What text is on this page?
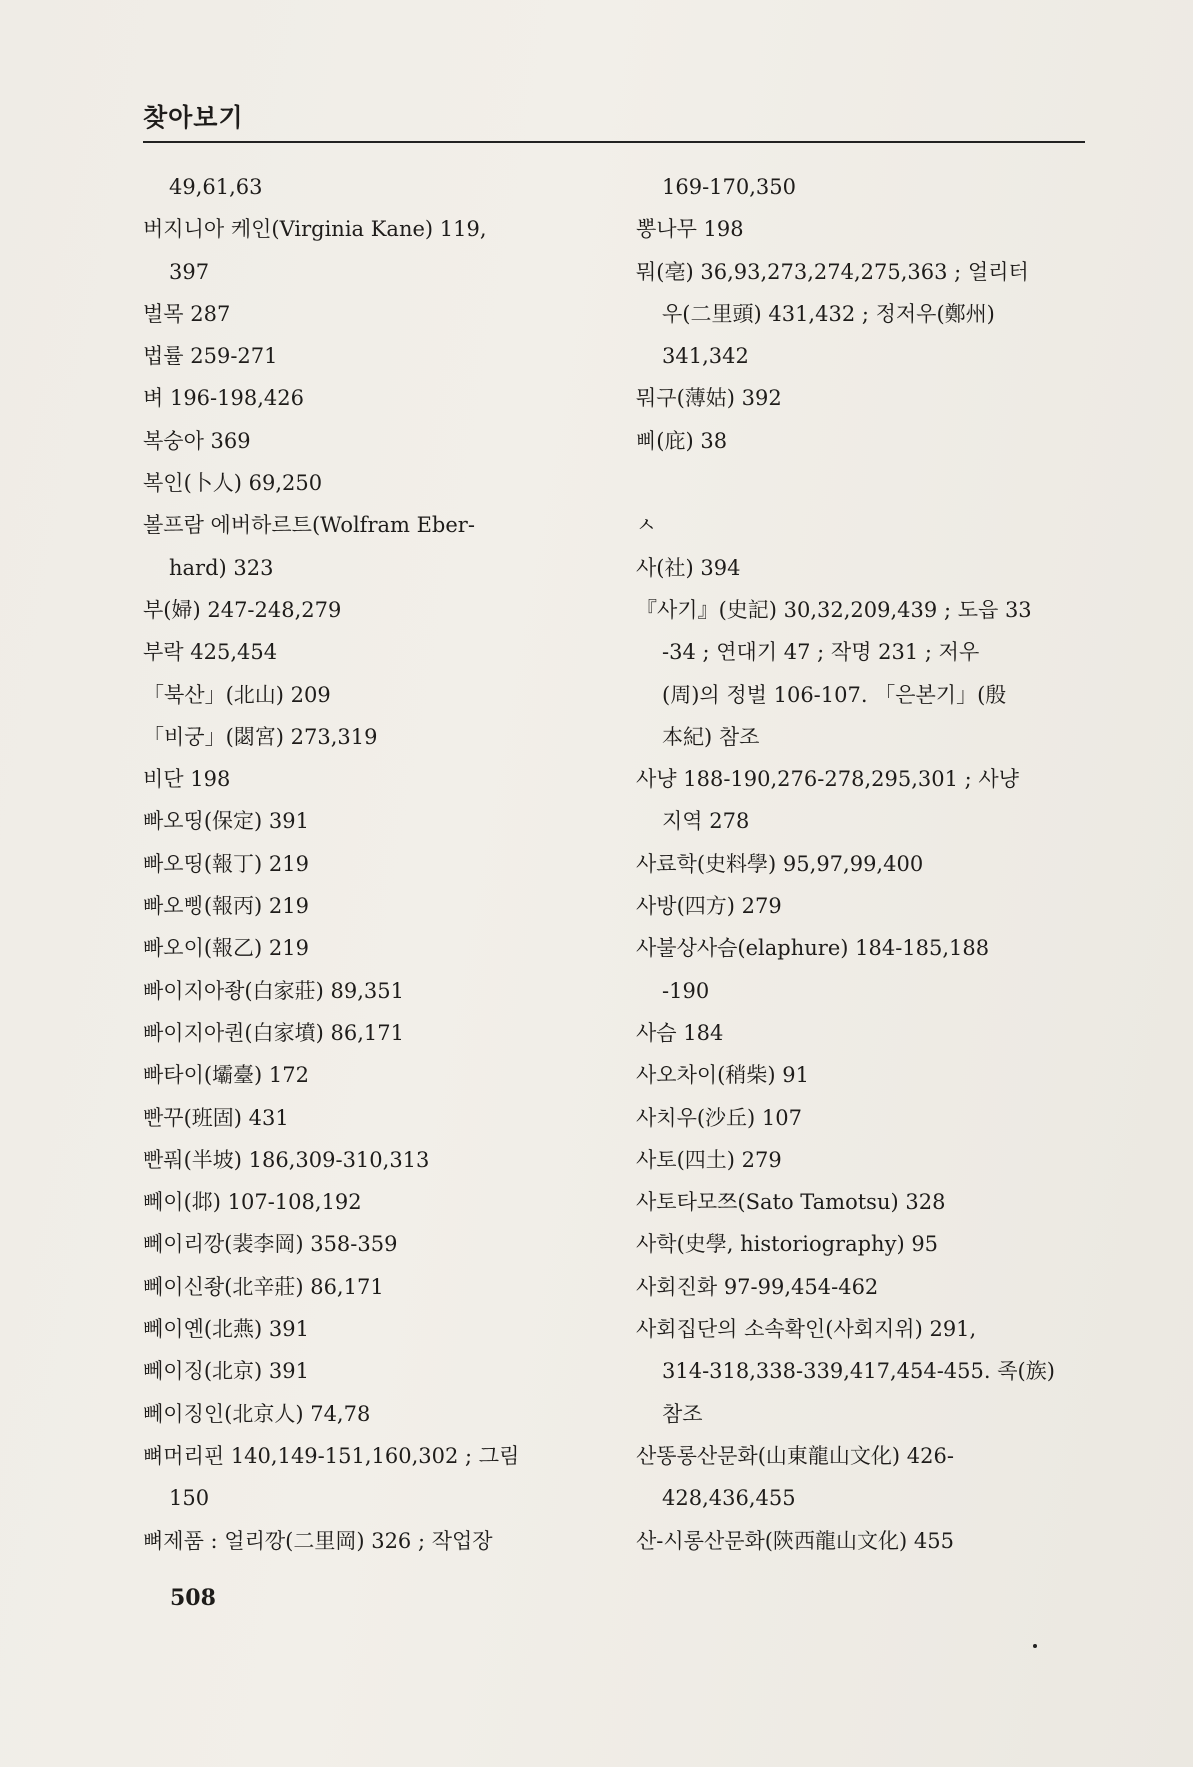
찾아보기
49,61,63
버지니아 케인(Virginia Kane) 119,
397
벌목 287
법률 259-271
벼 196-198,426
복숭아 369
복인(卜人) 69,250
볼프람 에버하르트(Wolfram Eber-
hard) 323
부(婦) 247-248,279
부락 425,454
「북산」(北山) 209
「비궁」(閟宮) 273,319
비단 198
빠오띵(保定) 391
빠오띵(報丁) 219
빠오삥(報丙) 219
빠오이(報乙) 219
빠이지아좡(白家莊) 89,351
빠이지아퀀(白家墳) 86,171
빠타이(壩臺) 172
빤꾸(班固) 431
빤풔(半坡) 186,309-310,313
뻬이(邶) 107-108,192
뻬이리깡(裴李岡) 358-359
뻬이신좡(北辛莊) 86,171
뻬이옌(北燕) 391
뻬이징(北京) 391
뻬이징인(北京人) 74,78
뼈머리핀 140,149-151,160,302 ; 그림
150
뼈제품 : 얼리깡(二里岡) 326 ; 작업장
169-170,350
뽕나무 198
뭐(亳) 36,93,273,274,275,363 ; 얼리터
우(二里頭) 431,432 ; 정저우(鄭州)
341,342
뭐구(薄姑) 392
삐(庇) 38
ㅅ
사(社) 394
『사기』(史記) 30,32,209,439 ; 도읍 33
-34 ; 연대기 47 ; 작명 231 ; 저우
(周)의 정벌 106-107. 「은본기」(殷
本紀) 참조
사냥 188-190,276-278,295,301 ; 사냥
지역 278
사료학(史料學) 95,97,99,400
사방(四方) 279
사불상사슴(elaphure) 184-185,188
-190
사슴 184
사오차이(稍柴) 91
사치우(沙丘) 107
사토(四土) 279
사토타모쯔(Sato Tamotsu) 328
사학(史學, historiography) 95
사회진화 97-99,454-462
사회집단의 소속확인(사회지위) 291,
314-318,338-339,417,454-455. 족(族)
참조
산똥롱산문화(山東龍山文化) 426-
428,436,455
산-시롱산문화(陝西龍山文化) 455
508
